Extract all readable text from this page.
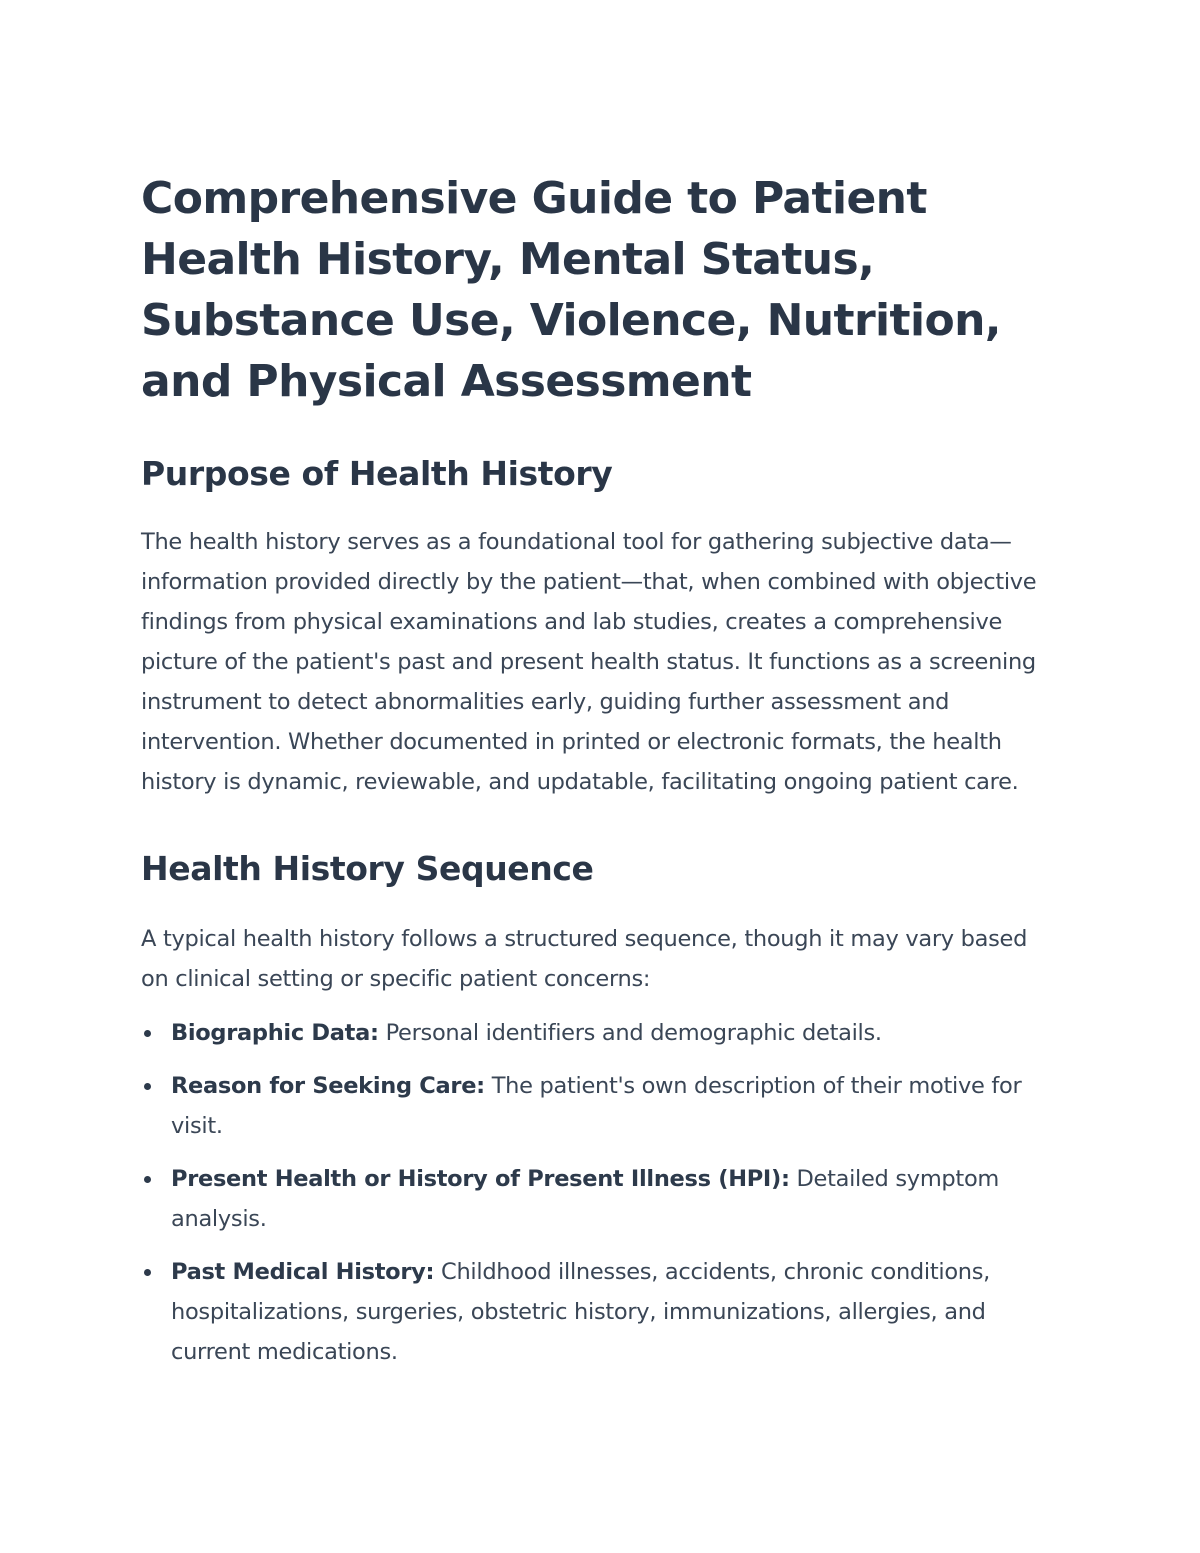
Comprehensive Guide to Patient Health History, Mental Status, Substance Use, Violence, Nutrition, and Physical Assessment
Purpose of Health History

The health history serves as a foundational tool for gathering subjective data—information provided directly by the patient—that, when combined with objective findings from physical examinations and lab studies, creates a comprehensive picture of the patient's past and present health status. It functions as a screening instrument to detect abnormalities early, guiding further assessment and intervention. Whether documented in printed or electronic formats, the health history is dynamic, reviewable, and updatable, facilitating ongoing patient care.

Health History Sequence

A typical health history follows a structured sequence, though it may vary based on clinical setting or specific patient concerns:

Biographic Data: Personal identifiers and demographic details.
Reason for Seeking Care: The patient's own description of their motive for visit.
Present Health or History of Present Illness (HPI): Detailed symptom analysis.
Past Medical History: Childhood illnesses, accidents, chronic conditions, hospitalizations, surgeries, obstetric history, immunizations, allergies, and current medications.
